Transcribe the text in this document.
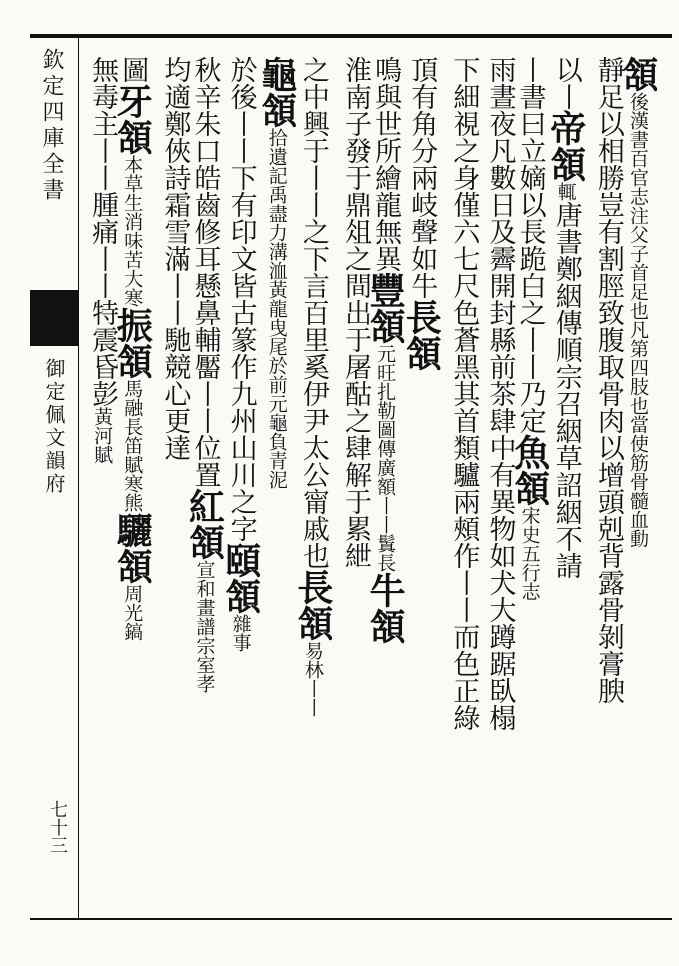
欽定四庫全書
御定佩文韻府
七十三
頷後漢書百官志注父子首足也凡第四肢也當使筋骨髓血動
靜足以相勝豈有割脛致腹取骨肉以增頭剋背露骨剝膏腴
以丨帝頷輒唐書鄭絪傳順宗召絪草詔絪不請
丨書曰立嫡以長跪白之丨丨乃定魚頷宋史五行志
雨晝夜凡數日及霽開封縣前茶肆中有異物如犬大蹲踞臥榻
下細視之身僅六七尺色蒼黑其首類驢兩頰作丨丨而色正綠
頂有角分兩岐聲如牛長頷
鳴與世所繪龍無異豐頷元旺扎勒圖傳廣額丨丨鬒長牛頷
淮南子發于鼎俎之間出于屠酤之肆解于累紲
之中興于丨丨之下言百里奚伊尹太公甯戚也長頷易林丨丨
龜頷拾遺記禹盡力溝洫黃龍曳尾於前元龜負青泥
於後丨丨下有印文皆古篆作九州山川之字頤頷雜事
秋辛朱口皓齒修耳懸鼻輔靨丨丨位置紅頷宣和畫譜宗室孝
均適鄭俠詩霜雪滿丨丨馳競心更達
圖牙頷本草生消味苦大寒振頷馬融長笛賦寒熊驪頷周光鎬
無毒主丨丨腫痛丨丨特震昏彭黃河賦
